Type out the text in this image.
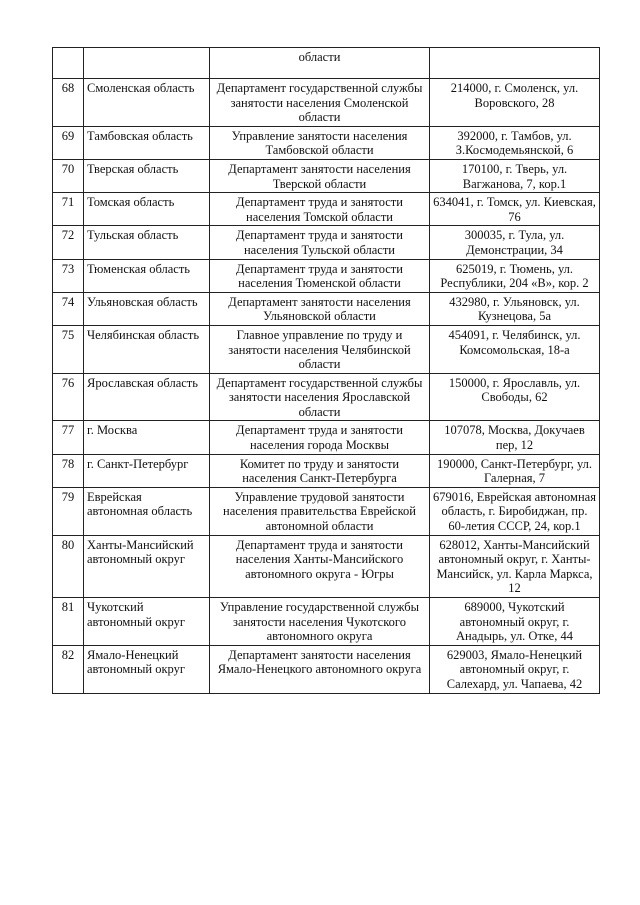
		области	
68	Смоленская область	Департамент государственной службы занятости населения Смоленской области	214000, г. Смоленск, ул. Воровского, 28
69	Тамбовская область	Управление занятости населения Тамбовской области	392000, г. Тамбов, ул. З.Космодемьянской, 6
70	Тверская область	Департамент занятости населения Тверской области	170100, г. Тверь, ул. Вагжанова, 7, кор.1
71	Томская область	Департамент труда и занятости населения Томской области	634041, г. Томск, ул. Киевская, 76
72	Тульская область	Департамент труда и занятости населения Тульской области	300035, г. Тула, ул. Демонстрации, 34
73	Тюменская область	Департамент труда и занятости населения Тюменской области	625019, г. Тюмень, ул. Республики, 204 «В», кор. 2
74	Ульяновская область	Департамент занятости населения Ульяновской области	432980, г. Ульяновск, ул. Кузнецова, 5а
75	Челябинская область	Главное управление по труду и занятости населения Челябинской области	454091, г. Челябинск, ул. Комсомольская, 18-а
76	Ярославская область	Департамент государственной службы занятости населения Ярославской области	150000, г. Ярославль, ул. Свободы, 62
77	г. Москва	Департамент труда и занятости населения города Москвы	107078, Москва, Докучаев пер, 12
78	г. Санкт-Петербург	Комитет по труду и занятости населения Санкт-Петербурга	190000, Санкт-Петербург, ул. Галерная, 7
79	Еврейская автономная область	Управление трудовой занятости населения правительства Еврейской автономной области	679016, Еврейская автономная область, г. Биробиджан, пр. 60-летия СССР, 24, кор.1
80	Ханты-Мансийский автономный округ	Департамент труда и занятости населения Ханты-Мансийского автономного округа - Югры	628012, Ханты-Мансийский автономный округ, г. Ханты-Мансийск, ул. Карла Маркса, 12
81	Чукотский автономный округ	Управление государственной службы занятости населения Чукотского автономного округа	689000, Чукотский автономный округ, г. Анадырь, ул. Отке, 44
82	Ямало-Ненецкий автономный округ	Департамент занятости населения Ямало-Ненецкого автономного округа	629003, Ямало-Ненецкий автономный округ, г. Салехард, ул. Чапаева, 42
